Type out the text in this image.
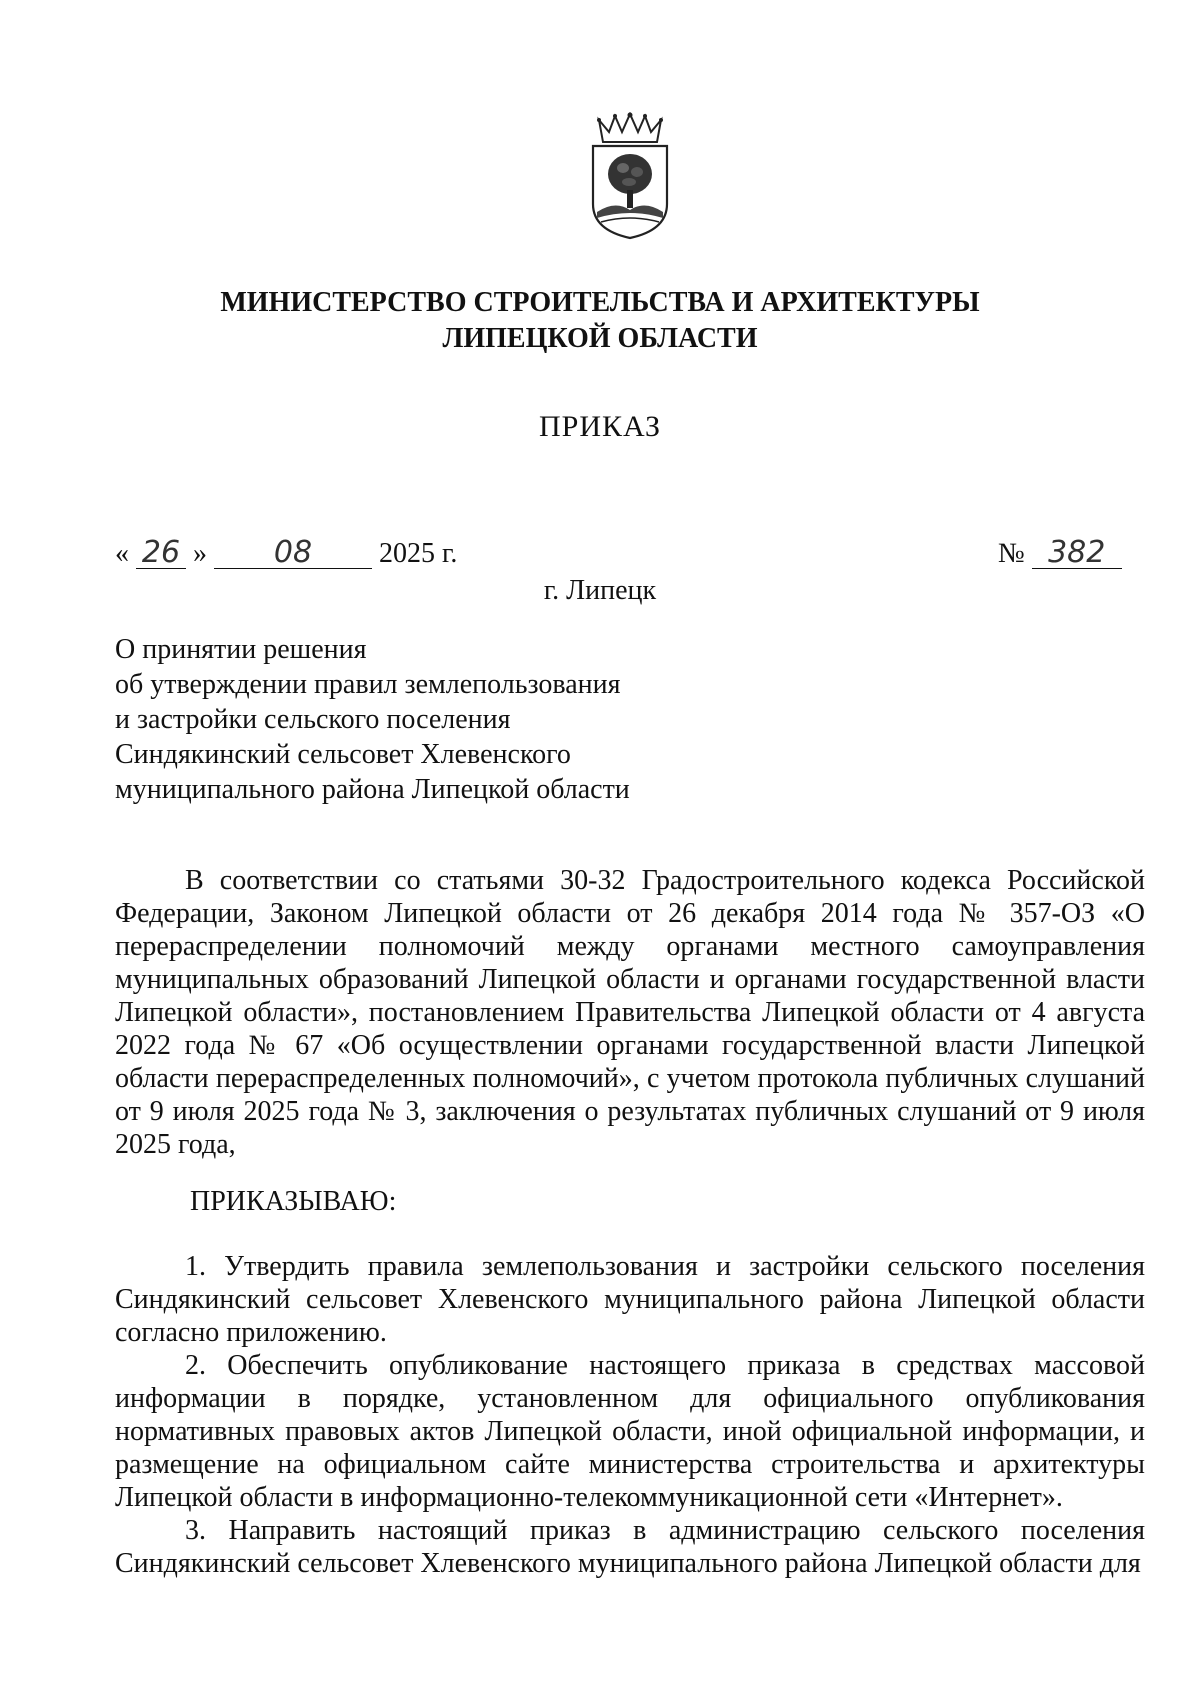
МИНИСТЕРСТВО СТРОИТЕЛЬСТВА И АРХИТЕКТУРЫ
ЛИПЕЦКОЙ ОБЛАСТИ
ПРИКАЗ
« 26 » 08 2025 г.	№ 382
г. Липецк
О принятии решения
об утверждении правил землепользования
и застройки сельского поселения
Синдякинский сельсовет Хлевенского
муниципального района Липецкой области

В соответствии со статьями 30-32 Градостроительного кодекса Российской Федерации, Законом Липецкой области от 26 декабря 2014 года № 357-ОЗ «О перераспределении полномочий между органами местного самоуправления муниципальных образований Липецкой области и органами государственной власти Липецкой области», постановлением Правительства Липецкой области от 4 августа 2022 года № 67 «Об осуществлении органами государственной власти Липецкой области перераспределенных полномочий», с учетом протокола публичных слушаний от 9 июля 2025 года № 3, заключения о результатах публичных слушаний от 9 июля 2025 года,

ПРИКАЗЫВАЮ:

1. Утвердить правила землепользования и застройки сельского поселения Синдякинский сельсовет Хлевенского муниципального района Липецкой области согласно приложению.

2. Обеспечить опубликование настоящего приказа в средствах массовой информации в порядке, установленном для официального опубликования нормативных правовых актов Липецкой области, иной официальной информации, и размещение на официальном сайте министерства строительства и архитектуры Липецкой области в информационно-телекоммуникационной сети «Интернет».

3. Направить настоящий приказ в администрацию сельского поселения Синдякинский сельсовет Хлевенского муниципального района Липецкой области для
